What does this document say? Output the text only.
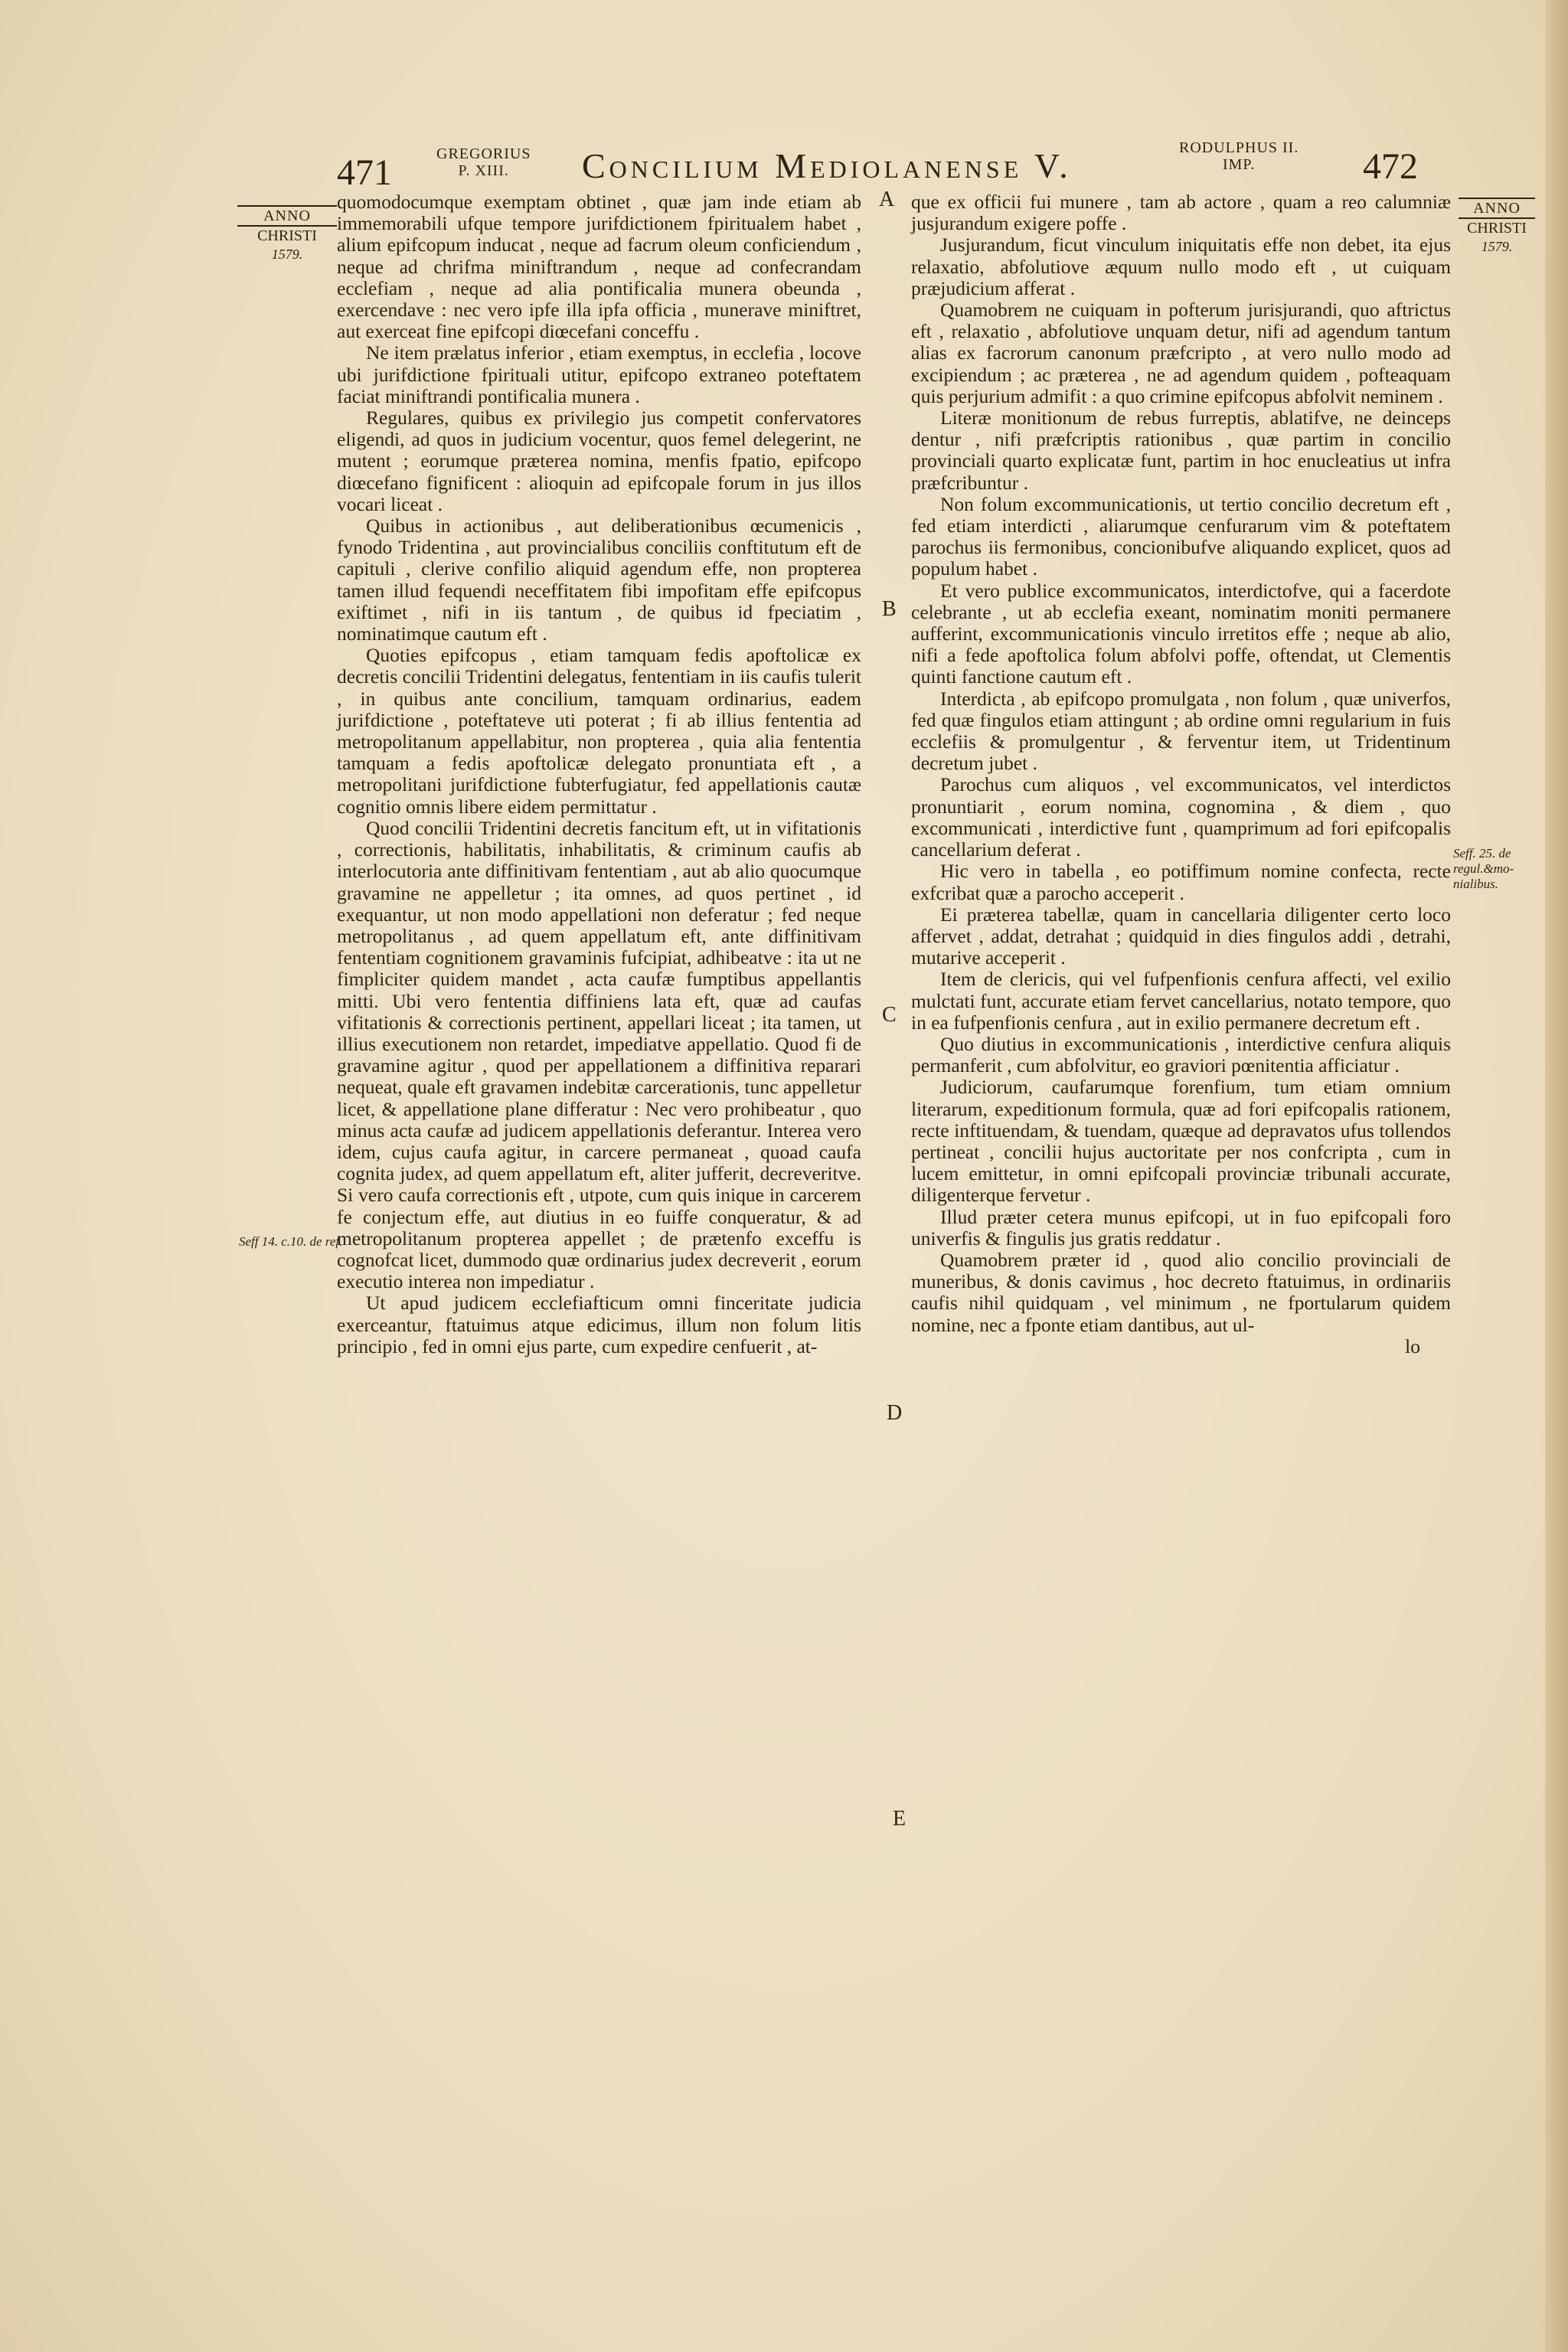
471	GREGORIUS
P. XIII.	Concilium Mediolanense V.	RODULPHUS II.
IMP.	472
ANNO
CHRISTI
1579.
ANNO
CHRISTI
1579.
Seff 14. c.10. de ref.
Seff. 25. de regul.&mo-nialibus.
A
B
C
D
E

quomodocumque exemptam obtinet , quæ jam inde etiam ab immemorabili ufque tempore jurifdictionem fpiritualem habet , alium epifcopum inducat , neque ad facrum oleum conficiendum , neque ad chrifma miniftrandum , neque ad confecrandam ecclefiam , neque ad alia pontificalia munera obeunda , exercendave : nec vero ipfe illa ipfa officia , munerave miniftret, aut exerceat fine epifcopi diœcefani conceffu .

Ne item prælatus inferior , etiam exemptus, in ecclefia , locove ubi jurifdictione fpirituali utitur, epifcopo extraneo poteftatem faciat miniftrandi pontificalia munera .

Regulares, quibus ex privilegio jus competit confervatores eligendi, ad quos in judicium vocentur, quos femel delegerint, ne mutent ; eorumque præterea nomina, menfis fpatio, epifcopo diœcefano fignificent : alioquin ad epifcopale forum in jus illos vocari liceat .

Quibus in actionibus , aut deliberationibus œcumenicis , fynodo Tridentina , aut provincialibus conciliis conftitutum eft de capituli , clerive confilio aliquid agendum effe, non propterea tamen illud fequendi neceffitatem fibi impofitam effe epifcopus exiftimet , nifi in iis tantum , de quibus id fpeciatim , nominatimque cautum eft .

Quoties epifcopus , etiam tamquam fedis apoftolicæ ex decretis concilii Tridentini delegatus, fententiam in iis caufis tulerit , in quibus ante concilium, tamquam ordinarius, eadem jurifdictione , poteftateve uti poterat ; fi ab illius fententia ad metropolitanum appellabitur, non propterea , quia alia fententia tamquam a fedis apoftolicæ delegato pronuntiata eft , a metropolitani jurifdictione fubterfugiatur, fed appellationis cautæ cognitio omnis libere eidem permittatur .

Quod concilii Tridentini decretis fancitum eft, ut in vifitationis , correctionis, habilitatis, inhabilitatis, & criminum caufis ab interlocutoria ante diffinitivam fententiam , aut ab alio quocumque gravamine ne appelletur ; ita omnes, ad quos pertinet , id exequantur, ut non modo appellationi non deferatur ; fed neque metropolitanus , ad quem appellatum eft, ante diffinitivam fententiam cognitionem gravaminis fufcipiat, adhibeatve : ita ut ne fimpliciter quidem mandet , acta caufæ fumptibus appellantis mitti. Ubi vero fententia diffiniens lata eft, quæ ad caufas vifitationis & correctionis pertinent, appellari liceat ; ita tamen, ut illius executionem non retardet, impediatve appellatio. Quod fi de gravamine agitur , quod per appellationem a diffinitiva reparari nequeat, quale eft gravamen indebitæ carcerationis, tunc appelletur licet, & appellatione plane differatur : Nec vero prohibeatur , quo minus acta caufæ ad judicem appellationis deferantur. Interea vero idem, cujus caufa agitur, in carcere permaneat , quoad caufa cognita judex, ad quem appellatum eft, aliter jufferit, decreveritve. Si vero caufa correctionis eft , utpote, cum quis inique in carcerem fe conjectum effe, aut diutius in eo fuiffe conqueratur, & ad metropolitanum propterea appellet ; de prætenfo exceffu is cognofcat licet, dummodo quæ ordinarius judex decreverit , eorum executio interea non impediatur .

Ut apud judicem ecclefiafticum omni finceritate judicia exerceantur, ftatuimus atque edicimus, illum non folum litis principio , fed in omni ejus parte, cum expedire cenfuerit , at-

que ex officii fui munere , tam ab actore , quam a reo calumniæ jusjurandum exigere poffe .

Jusjurandum, ficut vinculum iniquitatis effe non debet, ita ejus relaxatio, abfolutiove æquum nullo modo eft , ut cuiquam præjudicium afferat .

Quamobrem ne cuiquam in pofterum jurisjurandi, quo aftrictus eft , relaxatio , abfolutiove unquam detur, nifi ad agendum tantum alias ex facrorum canonum præfcripto , at vero nullo modo ad excipiendum ; ac præterea , ne ad agendum quidem , pofteaquam quis perjurium admifit : a quo crimine epifcopus abfolvit neminem .

Literæ monitionum de rebus furreptis, ablatifve, ne deinceps dentur , nifi præfcriptis rationibus , quæ partim in concilio provinciali quarto explicatæ funt, partim in hoc enucleatius ut infra præfcribuntur .

Non folum excommunicationis, ut tertio concilio decretum eft , fed etiam interdicti , aliarumque cenfurarum vim & poteftatem parochus iis fermonibus, concionibufve aliquando explicet, quos ad populum habet .

Et vero publice excommunicatos, interdictofve, qui a facerdote celebrante , ut ab ecclefia exeant, nominatim moniti permanere aufferint, excommunicationis vinculo irretitos effe ; neque ab alio, nifi a fede apoftolica folum abfolvi poffe, oftendat, ut Clementis quinti fanctione cautum eft .

Interdicta , ab epifcopo promulgata , non folum , quæ univerfos, fed quæ fingulos etiam attingunt ; ab ordine omni regularium in fuis ecclefiis & promulgentur , & ferventur item, ut Tridentinum decretum jubet .

Parochus cum aliquos , vel excommunicatos, vel interdictos pronuntiarit , eorum nomina, cognomina , & diem , quo excommunicati , interdictive funt , quamprimum ad fori epifcopalis cancellarium deferat .

Hic vero in tabella , eo potiffimum nomine confecta, recte exfcribat quæ a parocho acceperit .

Ei præterea tabellæ, quam in cancellaria diligenter certo loco affervet , addat, detrahat ; quidquid in dies fingulos addi , detrahi, mutarive acceperit .

Item de clericis, qui vel fufpenfionis cenfura affecti, vel exilio mulctati funt, accurate etiam fervet cancellarius, notato tempore, quo in ea fufpenfionis cenfura , aut in exilio permanere decretum eft .

Quo diutius in excommunicationis , interdictive cenfura aliquis permanferit , cum abfolvitur, eo graviori pœnitentia afficiatur .

Judiciorum, caufarumque forenfium, tum etiam omnium literarum, expeditionum formula, quæ ad fori epifcopalis rationem, recte inftituendam, & tuendam, quæque ad depravatos ufus tollendos pertineat , concilii hujus auctoritate per nos confcripta , cum in lucem emittetur, in omni epifcopali provinciæ tribunali accurate, diligenterque fervetur .

Illud præter cetera munus epifcopi, ut in fuo epifcopali foro univerfis & fingulis jus gratis reddatur .

Quamobrem præter id , quod alio concilio provinciali de muneribus, & donis cavimus , hoc decreto ftatuimus, in ordinariis caufis nihil quidquam , vel minimum , ne fportularum quidem nomine, nec a fponte etiam dantibus, aut ul-

lo
